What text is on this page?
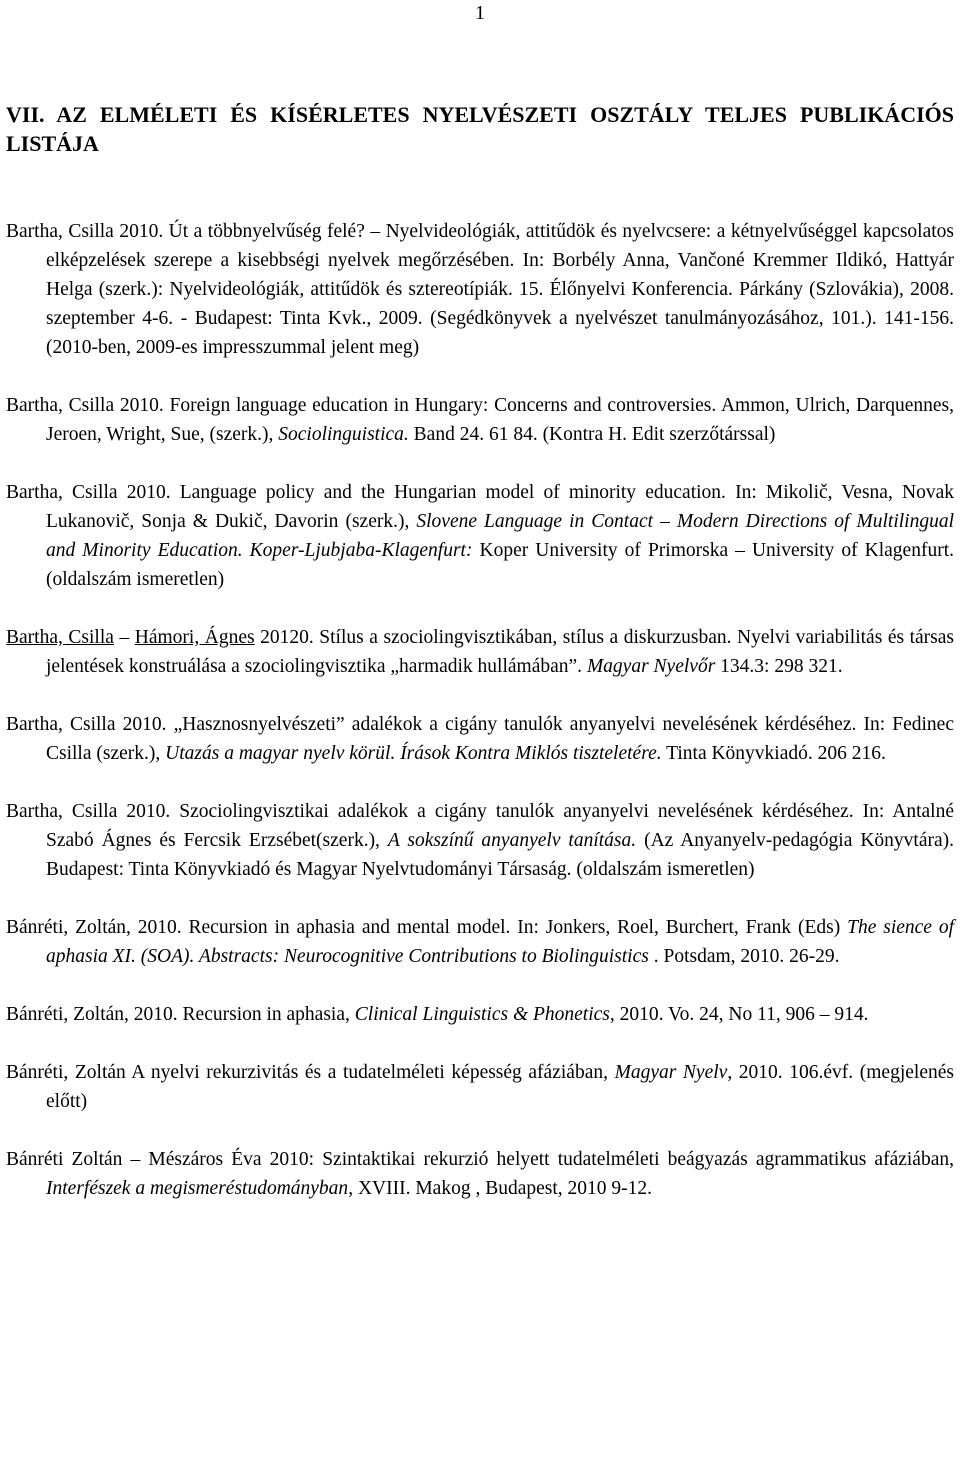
1
VII. AZ ELMÉLETI ÉS KÍSÉRLETES NYELVÉSZETI OSZTÁLY TELJES PUBLIKÁCIÓS LISTÁJA

Bartha, Csilla 2010. Út a többnyelvűség felé? – Nyelvideológiák, attitűdök és nyelvcsere: a kétnyelvűséggel kapcsolatos elképzelések szerepe a kisebbségi nyelvek megőrzésében. In: Borbély Anna, Vančoné Kremmer Ildikó, Hattyár Helga (szerk.): Nyelvideológiák, attitűdök és sztereotípiák. 15. Élőnyelvi Konferencia. Párkány (Szlovákia), 2008. szeptember 4-6. - Budapest: Tinta Kvk., 2009. (Segédkönyvek a nyelvészet tanulmányozásához, 101.). 141-156. (2010-ben, 2009-es impresszummal jelent meg)

Bartha, Csilla 2010. Foreign language education in Hungary: Concerns and controversies. Ammon, Ulrich, Darquennes, Jeroen, Wright, Sue, (szerk.), Sociolinguistica. Band 24. 61 84. (Kontra H. Edit szerzőtárssal)

Bartha, Csilla 2010. Language policy and the Hungarian model of minority education. In: Mikolič, Vesna, Novak Lukanovič, Sonja & Dukič, Davorin (szerk.), Slovene Language in Contact – Modern Directions of Multilingual and Minority Education. Koper-Ljubjaba-Klagenfurt: Koper University of Primorska – University of Klagenfurt. (oldalszám ismeretlen)

Bartha, Csilla – Hámori, Ágnes 20120. Stílus a szociolingvisztikában, stílus a diskurzusban. Nyelvi variabilitás és társas jelentések konstruálása a szociolingvisztika „harmadik hullámában”. Magyar Nyelvőr 134.3: 298 321.

Bartha, Csilla 2010. „Hasznosnyelvészeti” adalékok a cigány tanulók anyanyelvi nevelésének kérdéséhez. In: Fedinec Csilla (szerk.), Utazás a magyar nyelv körül. Írások Kontra Miklós tiszteletére. Tinta Könyvkiadó. 206 216.

Bartha, Csilla 2010. Szociolingvisztikai adalékok a cigány tanulók anyanyelvi nevelésének kérdéséhez. In: Antalné Szabó Ágnes és Fercsik Erzsébet(szerk.), A sokszínű anyanyelv tanítása. (Az Anyanyelv-pedagógia Könyvtára). Budapest: Tinta Könyvkiadó és Magyar Nyelvtudományi Társaság. (oldalszám ismeretlen)

Bánréti, Zoltán, 2010. Recursion in aphasia and mental model. In: Jonkers, Roel, Burchert, Frank (Eds) The sience of aphasia XI. (SOA). Abstracts: Neurocognitive Contributions to Biolinguistics . Potsdam, 2010. 26-29.

Bánréti, Zoltán, 2010. Recursion in aphasia, Clinical Linguistics & Phonetics, 2010. Vo. 24, No 11, 906 – 914.

Bánréti, Zoltán A nyelvi rekurzivitás és a tudatelméleti képesség afáziában, Magyar Nyelv, 2010. 106.évf. (megjelenés előtt)

Bánréti Zoltán – Mészáros Éva 2010: Szintaktikai rekurzió helyett tudatelméleti beágyazás agrammatikus afáziában, Interfészek a megismeréstudományban, XVIII. Makog , Budapest, 2010 9-12.
